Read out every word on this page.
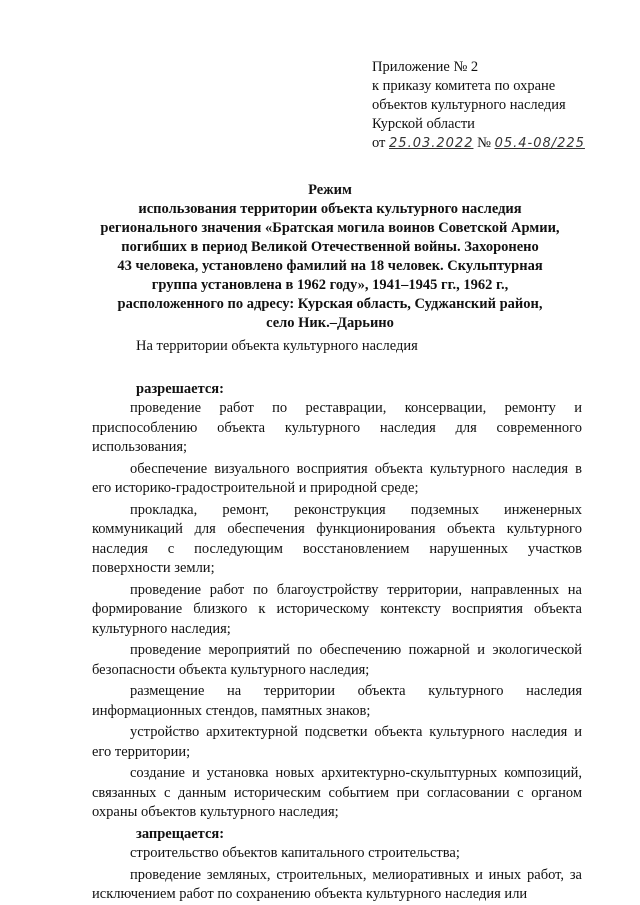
Приложение № 2
к приказу комитета по охране
объектов культурного наследия
Курской области
от 25.03.2022 № 05.4-08/225
Режим
использования территории объекта культурного наследия
регионального значения «Братская могила воинов Советской Армии,
погибших в период Великой Отечественной войны. Захоронено
43 человека, установлено фамилий на 18 человек. Скульптурная
группа установлена в 1962 году», 1941–1945 гг., 1962 г.,
расположенного по адресу: Курская область, Суджанский район,
село Ник.–Дарьино

На территории объекта культурного наследия

разрешается:

проведение работ по реставрации, консервации, ремонту и приспособлению объекта культурного наследия для современного использования;

обеспечение визуального восприятия объекта культурного наследия в его историко-градостроительной и природной среде;

прокладка, ремонт, реконструкция подземных инженерных коммуникаций для обеспечения функционирования объекта культурного наследия с последующим восстановлением нарушенных участков поверхности земли;

проведение работ по благоустройству территории, направленных на формирование близкого к историческому контексту восприятия объекта культурного наследия;

проведение мероприятий по обеспечению пожарной и экологической безопасности объекта культурного наследия;

размещение на территории объекта культурного наследия информационных стендов, памятных знаков;

устройство архитектурной подсветки объекта культурного наследия и его территории;

создание и установка новых архитектурно-скульптурных композиций, связанных с данным историческим событием при согласовании с органом охраны объектов культурного наследия;

запрещается:

строительство объектов капитального строительства;

проведение земляных, строительных, мелиоративных и иных работ, за исключением работ по сохранению объекта культурного наследия или
